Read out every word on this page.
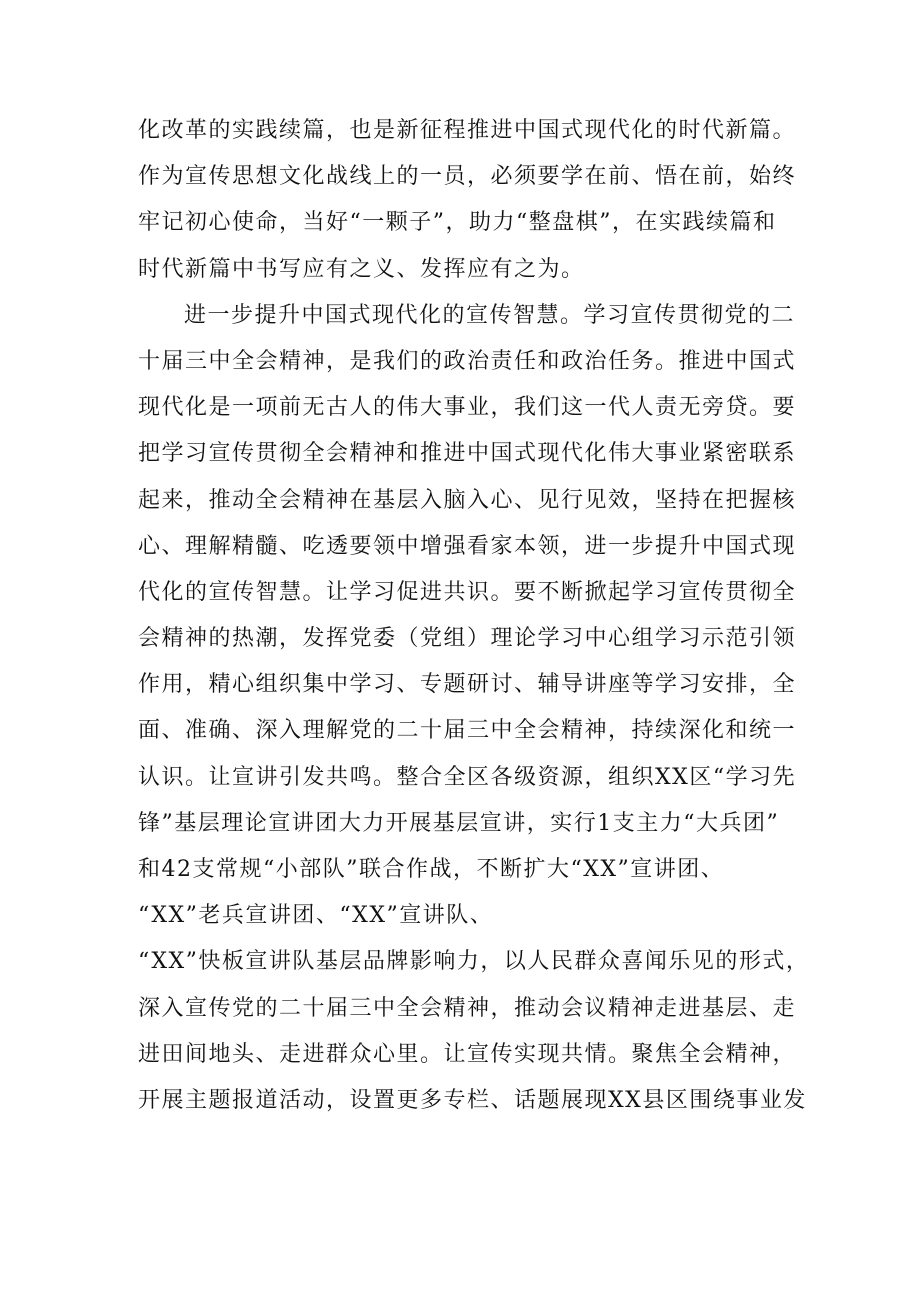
化改革的实践续篇，也是新征程推进中国式现代化的时代新篇。
作为宣传思想文化战线上的一员，必须要学在前、悟在前，始终
牢记初心使命，当好“一颗子”，助力“整盘棋”，在实践续篇和
时代新篇中书写应有之义、发挥应有之为。
进一步提升中国式现代化的宣传智慧。学习宣传贯彻党的二
十届三中全会精神，是我们的政治责任和政治任务。推进中国式
现代化是一项前无古人的伟大事业，我们这一代人责无旁贷。要
把学习宣传贯彻全会精神和推进中国式现代化伟大事业紧密联系
起来，推动全会精神在基层入脑入心、见行见效，坚持在把握核
心、理解精髓、吃透要领中增强看家本领，进一步提升中国式现
代化的宣传智慧。让学习促进共识。要不断掀起学习宣传贯彻全
会精神的热潮，发挥党委（党组）理论学习中心组学习示范引领
作用，精心组织集中学习、专题研讨、辅导讲座等学习安排，全
面、准确、深入理解党的二十届三中全会精神，持续深化和统一
认识。让宣讲引发共鸣。整合全区各级资源，组织XX区“学习先
锋”基层理论宣讲团大力开展基层宣讲，实行1支主力“大兵团”
和42支常规“小部队”联合作战，不断扩大“XX”宣讲团、
“XX”老兵宣讲团、“XX”宣讲队、
“XX”快板宣讲队基层品牌影响力，以人民群众喜闻乐见的形式，
深入宣传党的二十届三中全会精神，推动会议精神走进基层、走
进田间地头、走进群众心里。让宣传实现共情。聚焦全会精神，
开展主题报道活动，设置更多专栏、话题展现XX县区围绕事业发
